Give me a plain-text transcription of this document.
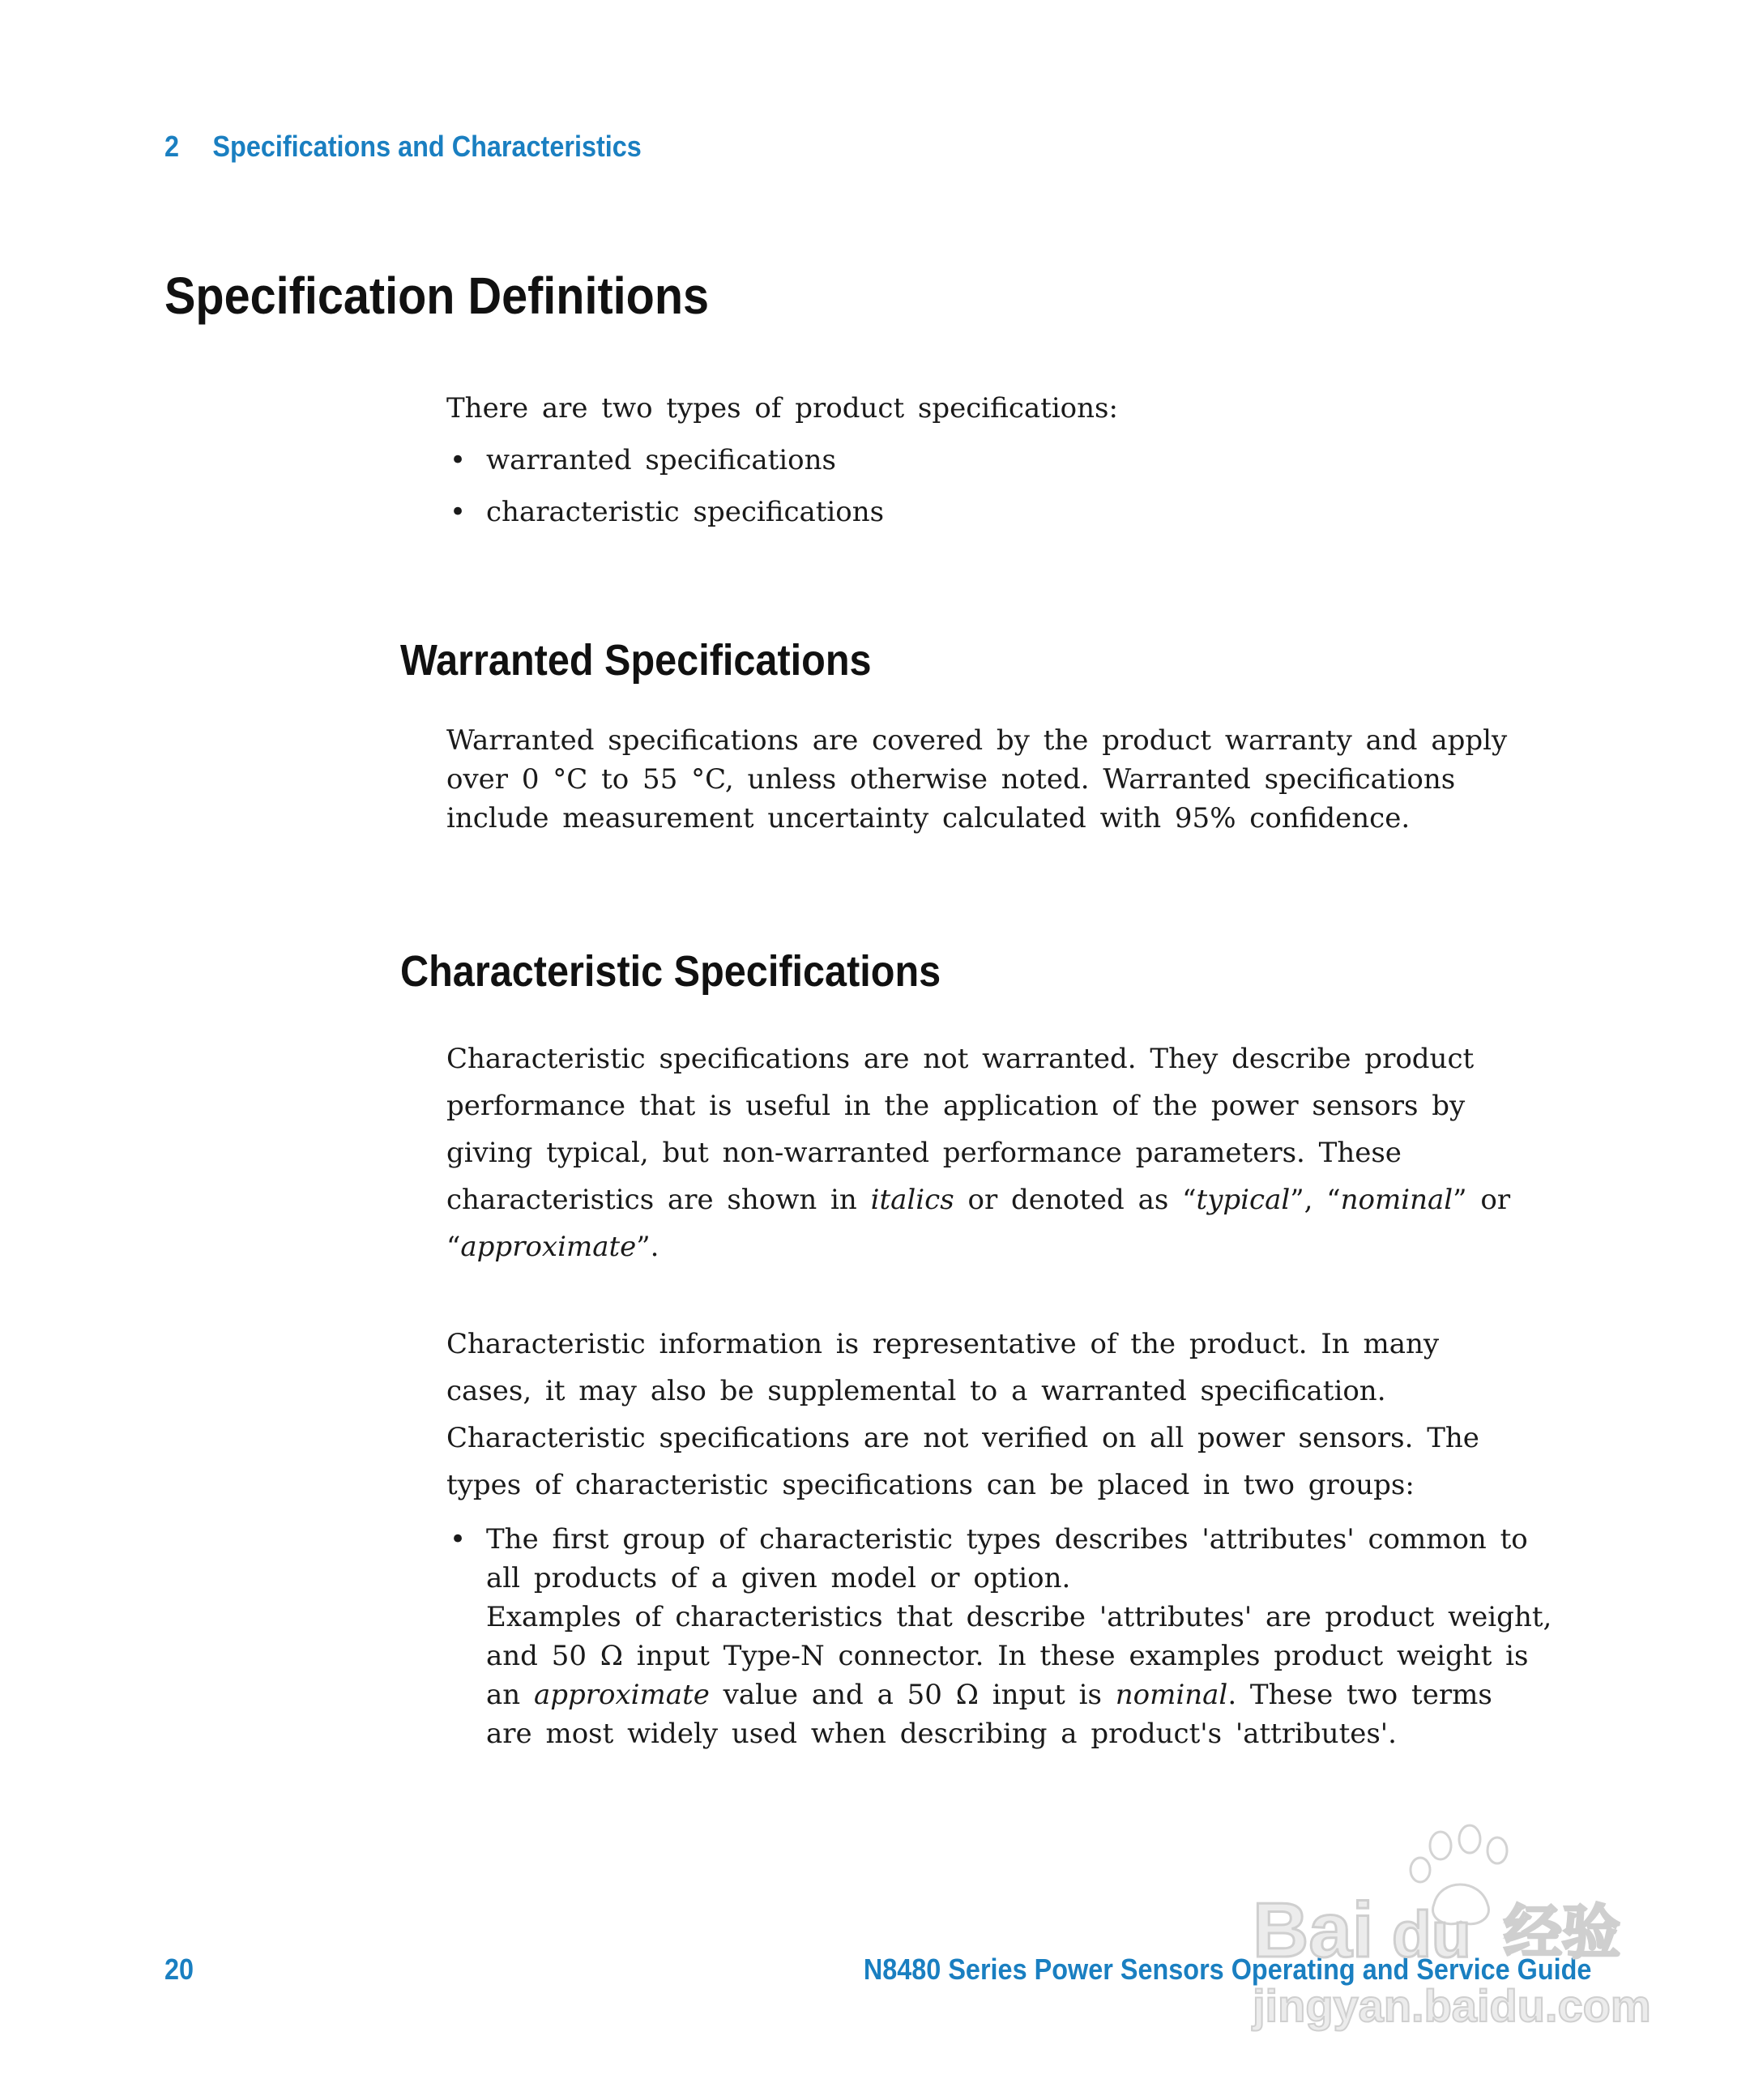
2 Specifications and Characteristics
Specification Definitions

There are two types of product specifications:

• warranted specifications
• characteristic specifications
Warranted Specifications

Warranted specifications are covered by the product warranty and apply

over 0 °C to 55 °C, unless otherwise noted. Warranted specifications

include measurement uncertainty calculated with 95% confidence.

Characteristic Specifications

Characteristic specifications are not warranted. They describe product

performance that is useful in the application of the power sensors by

giving typical, but non-warranted performance parameters. These

characteristics are shown in italics or denoted as “typical”, “nominal” or

“approximate”.

Characteristic information is representative of the product. In many

cases, it may also be supplemental to a warranted specification.

Characteristic specifications are not verified on all power sensors. The

types of characteristic specifications can be placed in two groups:

• The first group of characteristic types describes 'attributes' common to
all products of a given model or option.
Examples of characteristics that describe 'attributes' are product weight,
and 50 Ω input Type-N connector. In these examples product weight is
an approximate value and a 50 Ω input is nominal. These two terms
are most widely used when describing a product's 'attributes'.
20	N8480 Series Power Sensors Operating and Service Guide
Bai du 经验
jingyan.baidu.com
